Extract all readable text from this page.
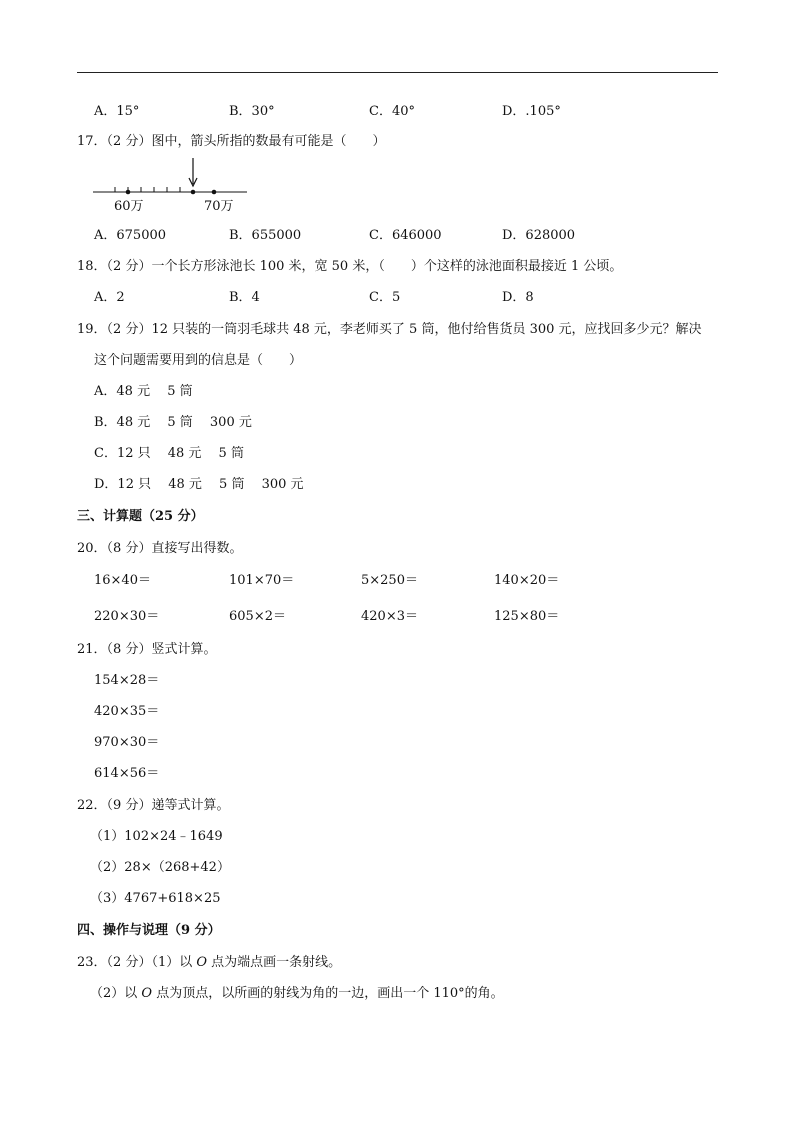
A．15°	B．30°	C．40°	D．.105°
17．（2 分）图中，箭头所指的数最有可能是（　　）
60万	70万
A．675000	B．655000	C．646000	D．628000
18．（2 分）一个长方形泳池长 100 米，宽 50 米，（　　）个这样的泳池面积最接近 1 公顷。
A．2	B．4	C．5	D．8
19．（2 分）12 只装的一筒羽毛球共 48 元，李老师买了 5 筒，他付给售货员 300 元，应找回多少元？解决
这个问题需要用到的信息是（　　）
A．48 元　 5 筒
B．48 元　 5 筒　 300 元
C．12 只　 48 元　 5 筒
D．12 只　 48 元　 5 筒　 300 元
三、计算题（25 分）
20．（8 分）直接写出得数。
16×40＝	101×70＝	5×250＝	140×20＝
220×30＝	605×2＝	420×3＝	125×80＝
21．（8 分）竖式计算。
154×28＝
420×35＝
970×30＝
614×56＝
22．（9 分）递等式计算。
（1）102×24﹣1649
（2）28×（268+42）
（3）4767+618×25
四、操作与说理（9 分）
23．（2 分）（1）以 O 点为端点画一条射线。
（2）以 O 点为顶点，以所画的射线为角的一边，画出一个 110°的角。
